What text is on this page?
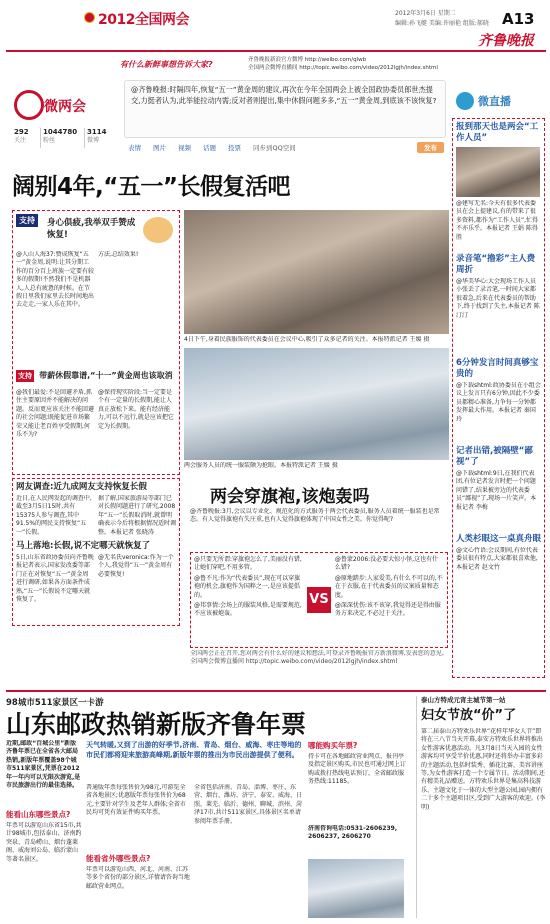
2012全国两会	2012年3月6日 星期二
编辑:孙飞艇 美编:许丽艳 组版:郝晓 A13
齐鲁晚报
有什么新鲜事想告诉大家?	齐鲁晚报新浪官方微博 http://weibo.com/qlwb
全国两会微博直播间 http://topic.weibo.com/video/2012lgjh/index.shtml
微两会
292
关注
1044780
粉丝
3114
微博
@齐鲁晚报:时隔四年,恢复“五一”黄金周的建议,再次在今年全国两会上被全国政协委员郎世杰提交,力挺者认为,此举能拉动内需;反对者则提出,集中休假问题多多,“五一”黄金周,到底该不该恢复?
表情 图片 视频 话题 投票 同步到QQ空间	发布
微直播
阔别4年,“五一”长假复活吧
支持	身心俱疲,我举双手赞成恢复!
@人山人海37:赞成恢复“五一”黄金周,说明:让其分期工作的百分百上班族一定要有较多的假期!不然我们不是机器人,人总有疲惫的时候。在节假日里我们家里去长时间地出去走走,一家人乐在其中。
方法,总结效果!
支持 带薪休假靠谱,“十一”黄金周也该取消
@我们最爱:不是回避矛盾,抓住主要原因并不能解决的问题。反而更应该关注不能回避的社会问题;既能促进市场繁荣又能让老百姓享受假期,何乐不为?
@保持现实阶段:当一定要是个有一定量的长假期,能让人真正放松下来。能有经济能力,可以不远行,就是应该把它定为长假期。
网友调查:近九成网友支持恢复长假
近日,在人民网发起的调查中,截至3月5日15时,共有15375人参与调查,其中91.5%的网民支持恢复“五一”长假。
据了解,国家旅游局等部门已对长假问题进行了研究,2008年“五一”长假取消时,就曾明确表示今后将根据情况适时调整。本报记者 张晓涛
马上落地:长假,说不定哪天就恢复了
5日,山东省政协委员向齐鲁晚报记者表示,国家发改委等部门正在对恢复“五一”黄金周进行调研,如果各方面条件成熟,“五一”长假说不定哪天就恢复了。
@无名氏veronica:作为一个个人,我觉得“五一”黄金周有必要恢复!
4日下午,身着民族服饰的代表委员在会议中心,吸引了众多记者的关注。本报特派记者 王媛 摄
两会服务人员的统一服装颇为抢眼。本报特派记者 王媛 摄
两会穿旗袍,该炮轰吗
@齐鲁晚报:3月,会议以专业化、规范化的方式服务于两会代表委员,服务人员着统一服装也是常态。有人觉得旗袍有失庄重,也有人觉得旗袍体现了中国女性之美。你觉得呢?
@只要无所谓:穿旗袍怎么了,美丽没有错,让她们穿吧,不用多管。
@鲁不凡:作为“代表委员”,现在可以穿旗袍的机会,旗袍作为国粹之一,是应该提倡的。
@邦事情:会场上的服装风格,是需要规范,不应该被炮轰。
VS
@鲁蒙2006:没必要大惊小怪,这也有什么错?
@原地踏步:人家爱美,有什么不可以的,不在于衣服,在于代表委员的议案质量和态度。
@深深忧伤:该不该穿,我觉得还是得由服务方来决定,不必过于关注。
全国两会正在召开,您对两会有什么好的建议和想法,可登录齐鲁晚报官方新浪微博,发表您的意见。全国两会微博直播间 http://topic.weibo.com/video/2012lgjh/index.shtml
报到那天也是两会“工作人员”
@建写无名:今天有很多代表委员在会上提建议,有的带来了很多资料,都作为“工作人员”,忙得不亦乐乎。本报记者 王娟 陈得胜
录音笔“撸彩”主人费周折
@华美华心:大会现场工作人员小张丢了录音笔,一时间大家都很着急,后来在代表委员的帮助下,终于找到了失主,本报记者 陈汀汀
6分钟发言时间真够宝贵的
@下载shtml:政协委员在小组会议上发言只有6分钟,因此不少委员都精心准备,力争每一分钟都发挥最大作用。本报记者 秦国玲
记者出错,被隔壁“鄙视”了
@下载shtml:9日,在我们代表团,有位记者发言时把一个问题问错了,结果被旁边的代表委员“鄙视”了,现场一片笑声。本报记者 李梅
人类杉眼这一桌真舟眼
@文心竹语:会议期间,有位代表委员很有特点,大家都很喜欢他,本报记者 赵文竹
98城市511家景区一卡游
山东邮政热销新版齐鲁年票
近期,邮政“百城公里”新版齐鲁年票已在全省各大邮局热销,新版年票覆盖98个城市511家景区,凭票在2012年一年内可以无限次游览,是市民旅游出行的最佳选择。
能看山东哪些景点?
年票可以游览山东省15市,共计98城市,包括泰山、济南趵突泉、青岛崂山、烟台蓬莱阁、威海刘公岛、临沂蒙山等著名景区。
天气转暖,又到了出游的好季节,济南、青岛、烟台、威海、枣庄等地的市民们都将迎来旅游高峰期,新版年票的推出为市民出游提供了便利。
普通版年票每张售价为98元,可游览全省各地景区;优惠版年票每张售价为68元,主要针对学生及老年人群体;全省市民均可凭有效证件购买年票。
能看省外哪些景点?
年票可以游览山西、河北、河南、江苏等多个省份的部分景区,详情请咨询当地邮政营业网点。
全省包括济南、青岛、淄博、枣庄、东营、烟台、潍坊、济宁、泰安、威海、日照、莱芜、临沂、德州、聊城、滨州、菏泽17市,共计511家景区,具体景区名单请参阅年票手册。
哪能购买年票?
持卡可在各地邮政营业网点、报刊亭及指定景区购买,市民也可通过网上订购或拨打热线电话预订。全省邮政服务热线:11185。
济南咨询电话:0531-2606239, 2606237, 2606270
泰山方特成元宵主城节第一站
妇女节放“价”了
第二届泰山方特欢乐世界“花样年华女人节”即将在三八节当天开幕,泰安方特欢乐世界将推出女性游客优惠活动。凡3月8日当天入园的女性游客均可享受半价优惠,同时还将举办丰富多彩的主题活动,包括时装秀、插花比赛、美容讲座等,为女性游客打造一个专属节日。活动期间,还有精美礼品赠送。方特欢乐世界是集高科技游乐、主题文化于一体的大型主题公园,园内拥有二十多个主题项目区,受到广大游客的欢迎。(李明)
